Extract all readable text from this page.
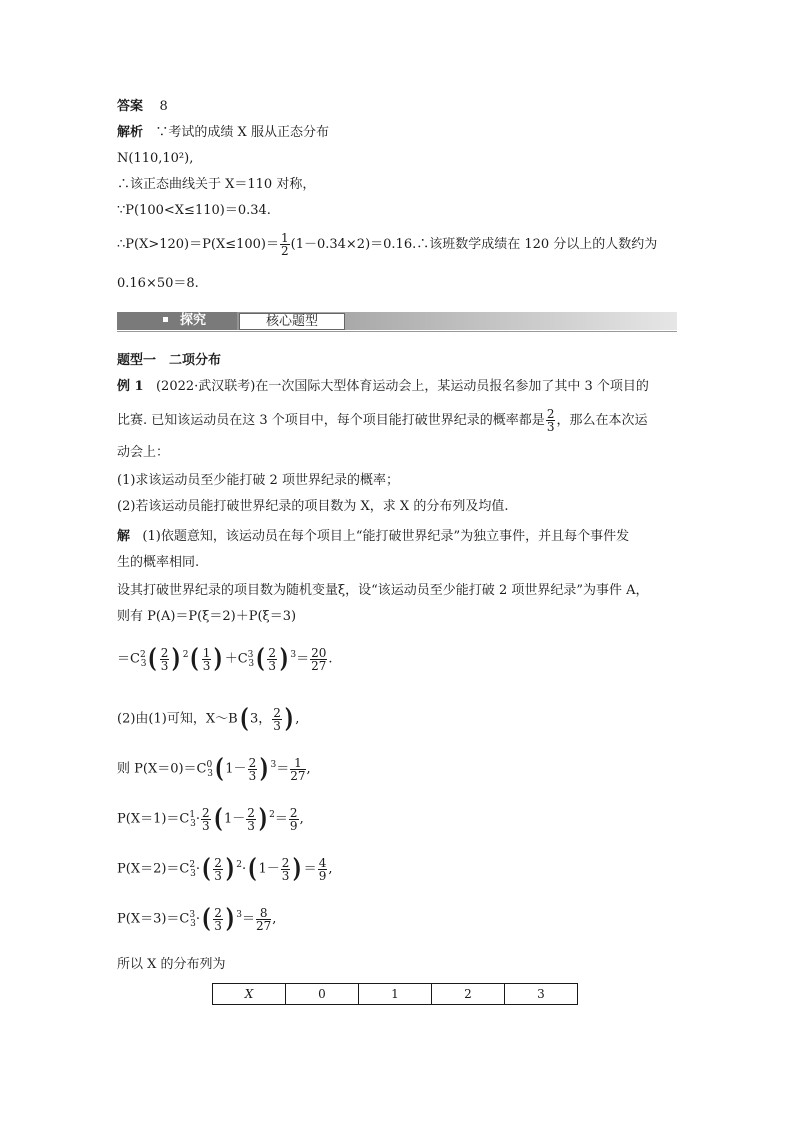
答案 8
解析 ∵考试的成绩 X 服从正态分布
N(110,10²),
∴该正态曲线关于 X＝110 对称，
∵P(100<X≤110)＝0.34.
∴P(X>120)＝P(X≤100)＝ $\frac{1}{2}$ (1－0.34×2)＝0.16.∴该班数学成绩在 120 分以上的人数约为
0.16×50＝8.
探究	核心题型
题型一　二项分布
例 1 (2022·武汉联考)在一次国际大型体育运动会上，某运动员报名参加了其中 3 个项目的
比赛. 已知该运动员在这 3 个项目中，每个项目能打破世界纪录的概率都是 $\frac{2}{3}$ ，那么在本次运
动会上：
(1)求该运动员至少能打破 2 项世界纪录的概率；
(2)若该运动员能打破世界纪录的项目数为 X，求 X 的分布列及均值.
解 (1)依题意知，该运动员在每个项目上“能打破世界纪录”为独立事件，并且每个事件发
生的概率相同.
设其打破世界纪录的项目数为随机变量ξ，设“该运动员至少能打破 2 项世界纪录”为事件 A，
则有 P(A)＝P(ξ＝2)＋P(ξ＝3)
$=C^2_3( \frac{2}{3}$ ) $^2( \frac{1}{3}$ ) $+C^3_3( \frac{2}{3}$ ) $^3= \frac{20}{27}$ .
(2)由(1)可知，X～B( 3， $\frac{2}{3}$ ) ,
则 $P(X=0)=C^0_3$( $1- \frac{2}{3}$ ) $^3= \frac{1}{27}$ ,
$P(X=1)=C^1_3\cdot \frac{2}{3}$ ( $1- \frac{2}{3}$ ) $^2= \frac{2}{9}$ ,
$P(X=2)=C^2_3\cdot( \frac{2}{3}$ ) $^2$·( $1- \frac{2}{3}$ ) ＝ $\frac{4}{9}$ ,
$P(X=3)=C^3_3\cdot( \frac{2}{3}$ ) $^3= \frac{8}{27}$ ,
所以 X 的分布列为
X	0	1	2	3
